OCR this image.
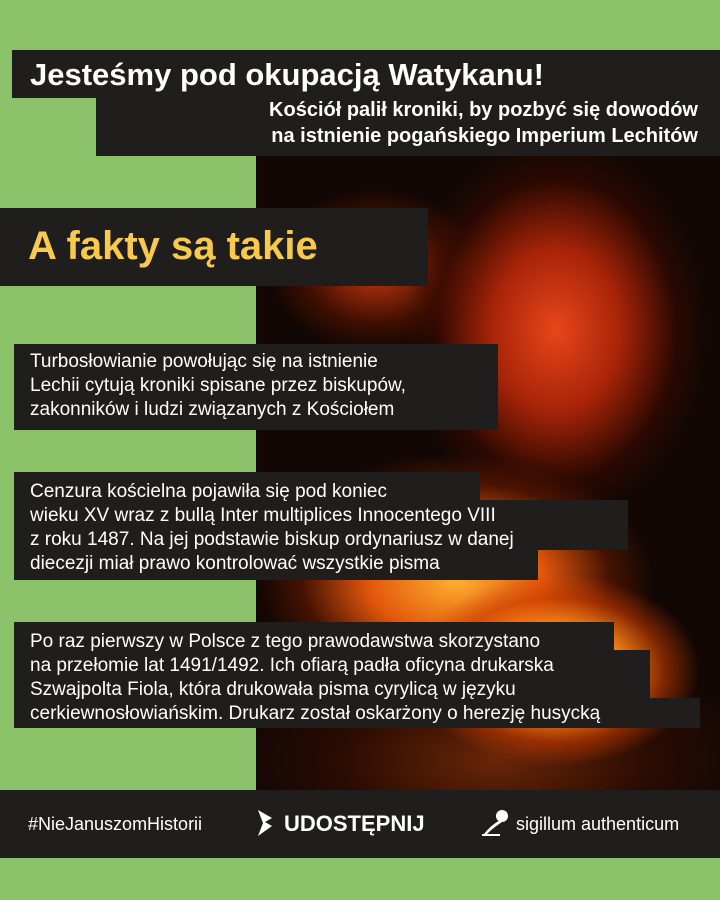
Jesteśmy pod okupacją Watykanu!
Kościół palił kroniki, by pozbyć się dowodów
na istnienie pogańskiego Imperium Lechitów
A fakty są takie
Turbosłowianie powołując się na istnienie
Lechii cytują kroniki spisane przez biskupów,
zakonników i ludzi związanych z Kościołem
Cenzura kościelna pojawiła się pod koniec
wieku XV wraz z bullą Inter multiplices Innocentego VIII
z roku 1487. Na jej podstawie biskup ordynariusz w danej
diecezji miał prawo kontrolować wszystkie pisma
Po raz pierwszy w Polsce z tego prawodawstwa skorzystano
na przełomie lat 1491/1492. Ich ofiarą padła oficyna drukarska
Szwajpolta Fiola, która drukowała pisma cyrylicą w języku
cerkiewnosłowiańskim. Drukarz został oskarżony o herezję husycką
#NieJanuszomHistorii	UDOSTĘPNIJ	sigillum authenticum
